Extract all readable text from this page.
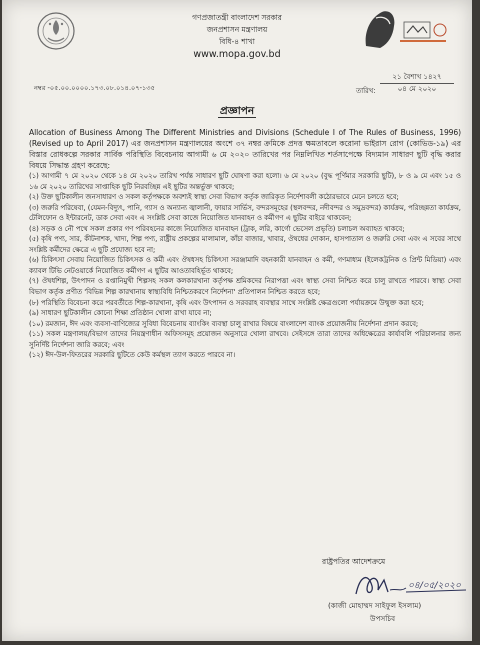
গণপ্রজাতন্ত্রী বাংলাদেশ সরকার
জনপ্রশাসন মন্ত্রণালয়
বিধি-৪ শাখা
www.mopa.gov.bd
নম্বর -০৫.০০.০০০০.১৭৩.০৮.০১৪.০৭-১৩৫	তারিখ:
২১ বৈশাখ ১৪২৭
০৪ মে ২০২০
প্রজ্ঞাপন

Allocation of Business Among The Different Ministries and Divisions (Schedule I of The Rules of Business, 1996) (Revised up to April 2017) এর জনপ্রশাসন মন্ত্রণালয়ের অংশে ৩৭ নম্বর ক্রমিকে প্রদত্ত ক্ষমতাবলে করোনা ভাইরাস রোগ (কোভিড-১৯) এর বিস্তার রোধকল্পে সরকার সার্বিক পরিস্থিতি বিবেচনায় আগামী ৬ মে ২০২০ তারিখের পর নিম্নলিখিত শর্তসাপেক্ষে বিদ্যমান সাধারণ ছুটি বৃদ্ধি করার বিষয়ে সিদ্ধান্ত গ্রহণ করেছে:

(১) আগামী ৭ মে ২০২০ থেকে ১৪ মে ২০২০ তারিখ পর্যন্ত সাধারণ ছুটি ঘোষণা করা হলো। ৬ মে ২০২০ (বুদ্ধ পূর্ণিমার সরকারি ছুটি), ৮ ও ৯ মে এবং ১৫ ও ১৬ মে ২০২০ তারিখের সাপ্তাহিক ছুটি নিরবচ্ছিন্ন এই ছুটির অন্তর্ভুক্ত থাকবে;

(২) উক্ত ছুটিকালীন জনসাধারণ ও সকল কর্তৃপক্ষকে অবশ্যই স্বাস্থ্য সেবা বিভাগ কর্তৃক জারিকৃত নির্দেশাবলী কঠোরভাবে মেনে চলতে হবে;

(৩) জরুরি পরিষেবা, (যেমন-বিদ্যুৎ, পানি, গ্যাস ও অন্যান্য জ্বালানী, ফায়ার সার্ভিস, বন্দরসমূহের (স্থলবন্দর, নদীবন্দর ও সমুদ্রবন্দর) কার্যক্রম, পরিচ্ছন্নতা কার্যক্রম, টেলিফোন ও ইন্টারনেট, ডাক সেবা এবং এ সংশ্লিষ্ট সেবা কাজে নিয়োজিত যানবাহন ও কর্মীগণ এ ছুটির বাইরে থাকবেন;

(৪) সড়ক ও নৌ পথে সকল প্রকার গণ পরিবহনের কাজে নিয়োজিত যানবাহন (ট্রাক, লরি, কার্গো ভেসেল প্রভৃতি) চলাচল অব্যাহত থাকবে;

(৫) কৃষি পণ্য, সার, কীটনাশক, খাদ্য, শিল্প পণ্য, রাষ্ট্রীয় প্রকল্পের মালামাল, কাঁচা বাজার, খাবার, ঔষধের দোকান, হাসপাতাল ও জরুরি সেবা এবং এ সবের সাথে সংশ্লিষ্ট কর্মীদের ক্ষেত্রে এ ছুটি প্রযোজ্য হবে না;

(৬) চিকিৎসা সেবায় নিয়োজিত চিকিৎসক ও কর্মী এবং ঔষধসহ চিকিৎসা সরঞ্জামাদি বহনকারী যানবাহন ও কর্মী, গণমাধ্যম (ইলেকট্রনিক ও প্রিন্ট মিডিয়া) এবং ক্যাবল টিভি নেটওয়ার্কে নিয়োজিত কর্মীগণ এ ছুটির আওতাবহির্ভূত থাকবে;

(৭) ঔষধশিল্প, উৎপাদন ও রপ্তানিমুখী শিল্পসহ সকল কলকারখানা কর্তৃপক্ষ শ্রমিকদের নিরাপত্তা এবং স্বাস্থ্য সেবা নিশ্চিত করে চালু রাখতে পারবে। স্বাস্থ্য সেবা বিভাগ কর্তৃক প্রণীত 'বিভিন্ন শিল্প কারখানায় স্বাস্থ্যবিধি নিশ্চিতকরণে নির্দেশনা' প্রতিপালন নিশ্চিত করতে হবে;

(৮) পরিস্থিতি বিবেচনা করে পরবর্তীতে শিল্প-কারখানা, কৃষি এবং উৎপাদন ও সরবরাহ ব্যবস্থার সাথে সংশ্লিষ্ট ক্ষেত্রগুলো পর্যায়ক্রমে উন্মুক্ত করা হবে;

(৯) সাধারণ ছুটিকালীন কোনো শিক্ষা প্রতিষ্ঠান খোলা রাখা যাবে না;

(১০) রমজান, ঈদ এবং ব্যবসা-বাণিজ্যের সুবিধা বিবেচনায় ব্যাংকিং ব্যবস্থা চালু রাখার বিষয়ে বাংলাদেশ ব্যাংক প্রয়োজনীয় নির্দেশনা প্রদান করবে;

(১১) সকল মন্ত্রণালয়/বিভাগ তাদের নিয়ন্ত্রণাধীন অফিসসমূহ প্রয়োজন অনুসারে খোলা রাখবে। সেইসঙ্গে তারা তাদের অধিক্ষেত্রের কার্যাবলি পরিচালনার জন্য সুনির্দিষ্ট নির্দেশনা জারি করবে; এবং

(১২) ঈদ-উল-ফিতরের সরকারি ছুটিতে কেউ কর্মস্থল ত্যাগ করতে পারবে না।

রাষ্ট্রপতির আদেশক্রমে
০৪/০৫/২০২০
(কাজী মোহাম্মদ সাইফুল ইসলাম)
উপসচিব
